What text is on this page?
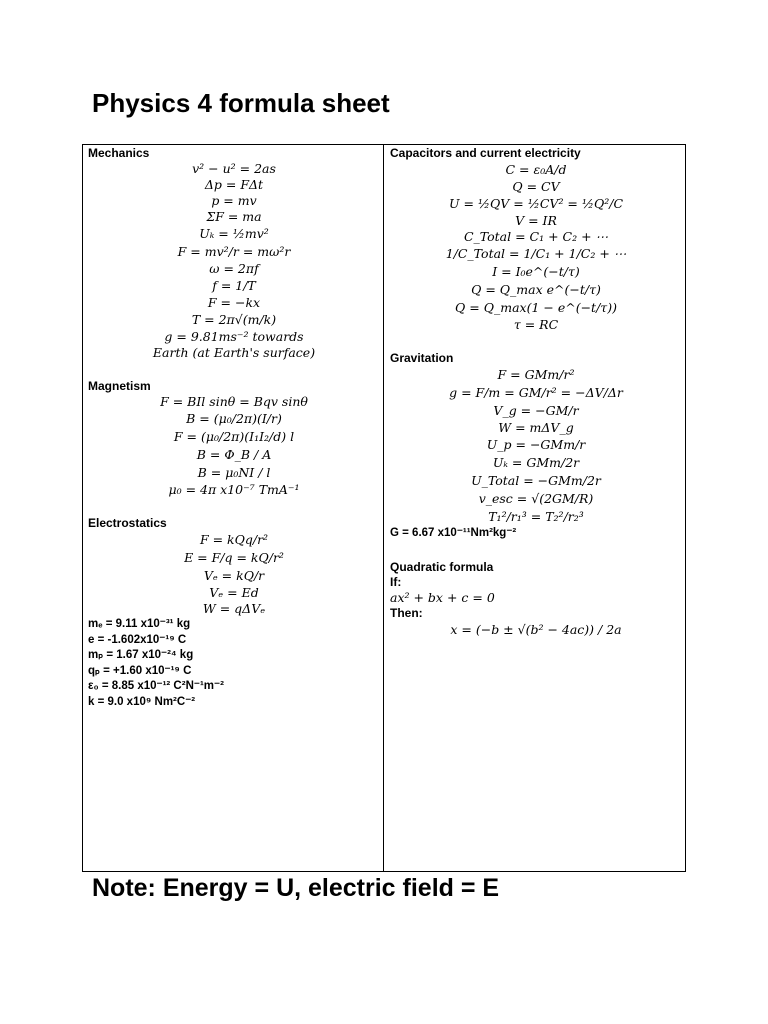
Physics 4 formula sheet
Mechanics
v² − u² = 2as
Δp = FΔt
p = mv
ΣF = ma
Uₖ = ½mv²
F = mv²/r = mω²r
ω = 2πf
f = 1/T
F = −kx
T = 2π√(m/k)
g = 9.81ms⁻² towards
Earth (at Earth's surface)
Magnetism
F = BIl sinθ = Bqv sinθ
B = (μ₀/2π)(I/r)
F = (μ₀/2π)(I₁I₂/d) l
B = Φ_B / A
B = μ₀NI / l
μ₀ = 4π x10⁻⁷ TmA⁻¹
Electrostatics
F = kQq/r²
E = F/q = kQ/r²
Vₑ = kQ/r
Vₑ = Ed
W = qΔVₑ
mₑ = 9.11 x10⁻³¹ kg
e = -1.602x10⁻¹⁹ C
mₚ = 1.67 x10⁻²⁴ kg
qₚ = +1.60 x10⁻¹⁹ C
ε₀ = 8.85 x10⁻¹² C²N⁻¹m⁻²
k = 9.0 x10⁹ Nm²C⁻²
Capacitors and current electricity
C = ε₀A/d
Q = CV
U = ½QV = ½CV² = ½Q²/C
V = IR
C_Total = C₁ + C₂ + ⋯
1/C_Total = 1/C₁ + 1/C₂ + ⋯
I = I₀e^(−t/τ)
Q = Q_max e^(−t/τ)
Q = Q_max(1 − e^(−t/τ))
τ = RC
Gravitation
F = GMm/r²
g = F/m = GM/r² = −ΔV/Δr
V_g = −GM/r
W = mΔV_g
U_p = −GMm/r
Uₖ = GMm/2r
U_Total = −GMm/2r
v_esc = √(2GM/R)
T₁²/r₁³ = T₂²/r₂³
G = 6.67 x10⁻¹¹Nm²kg⁻²
Quadratic formula
If:
ax² + bx + c = 0
Then:
x = (−b ± √(b² − 4ac)) / 2a
Note: Energy = U, electric field = E
